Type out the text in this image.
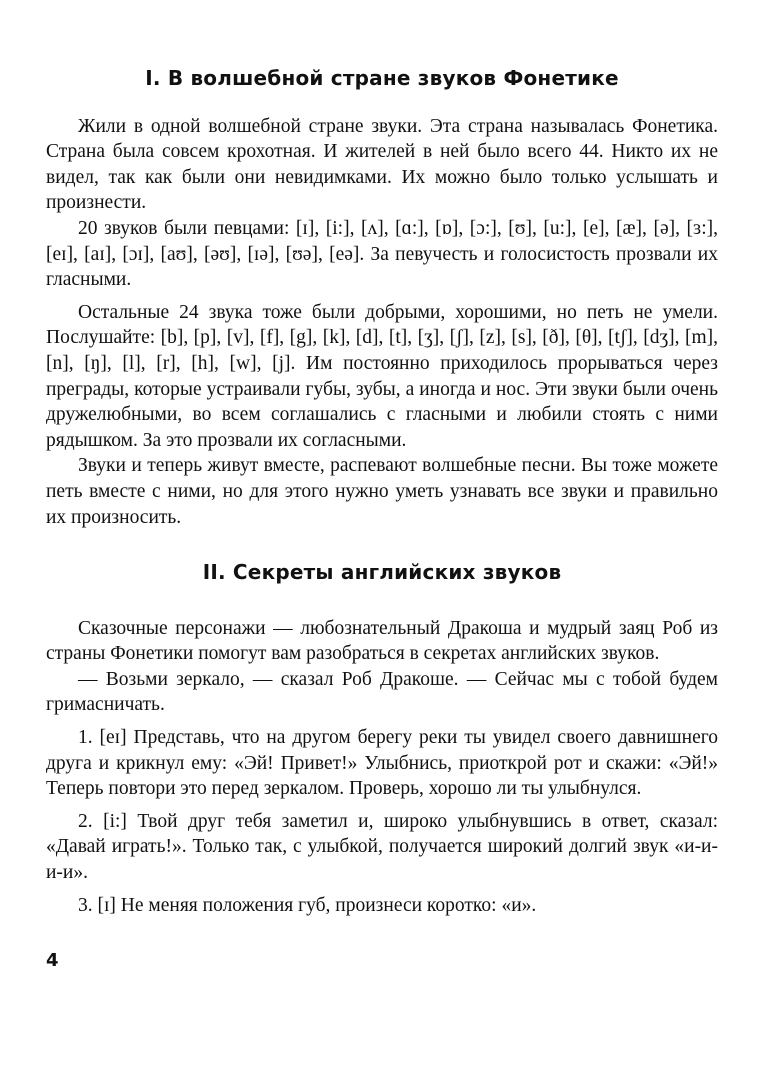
I. В волшебной стране звуков Фонетике

Жили в одной волшебной стране звуки. Эта страна называлась Фонетика. Страна была совсем крохотная. И жителей в ней было всего 44. Никто их не видел, так как были они невидимками. Их можно было только услышать и произнести.

20 звуков были певцами: [ɪ], [i:], [ʌ], [ɑ:], [ɒ], [ɔ:], [ʊ], [u:], [e], [æ], [ə], [ɜ:], [eɪ], [aɪ], [ɔɪ], [aʊ], [əʊ], [ɪə], [ʊə], [eə]. За певучесть и голосистость прозвали их гласными.

Остальные 24 звука тоже были добрыми, хорошими, но петь не умели. Послушайте: [b], [p], [v], [f], [g], [k], [d], [t], [ʒ], [ʃ], [z], [s], [ð], [θ], [tʃ], [dʒ], [m], [n], [ŋ], [l], [r], [h], [w], [j]. Им постоянно приходилось прорываться через преграды, которые устраивали губы, зубы, а иногда и нос. Эти звуки были очень дружелюбными, во всем соглашались с гласными и любили стоять с ними рядышком. За это прозвали их согласными.

Звуки и теперь живут вместе, распевают волшебные песни. Вы тоже можете петь вместе с ними, но для этого нужно уметь узнавать все звуки и правильно их произносить.

II. Секреты английских звуков

Сказочные персонажи — любознательный Дракоша и мудрый заяц Роб из страны Фонетики помогут вам разобраться в секретах английских звуков.

— Возьми зеркало, — сказал Роб Дракоше. — Сейчас мы с тобой будем гримасничать.

1. [eɪ] Представь, что на другом берегу реки ты увидел своего давнишнего друга и крикнул ему: «Эй! Привет!» Улыбнись, приоткрой рот и скажи: «Эй!» Теперь повтори это перед зеркалом. Проверь, хорошо ли ты улыбнулся.

2. [i:] Твой друг тебя заметил и, широко улыбнувшись в ответ, сказал: «Давай играть!». Только так, с улыбкой, получается широкий долгий звук «и-и-и-и».

3. [ɪ] Не меняя положения губ, произнеси коротко: «и».

4
